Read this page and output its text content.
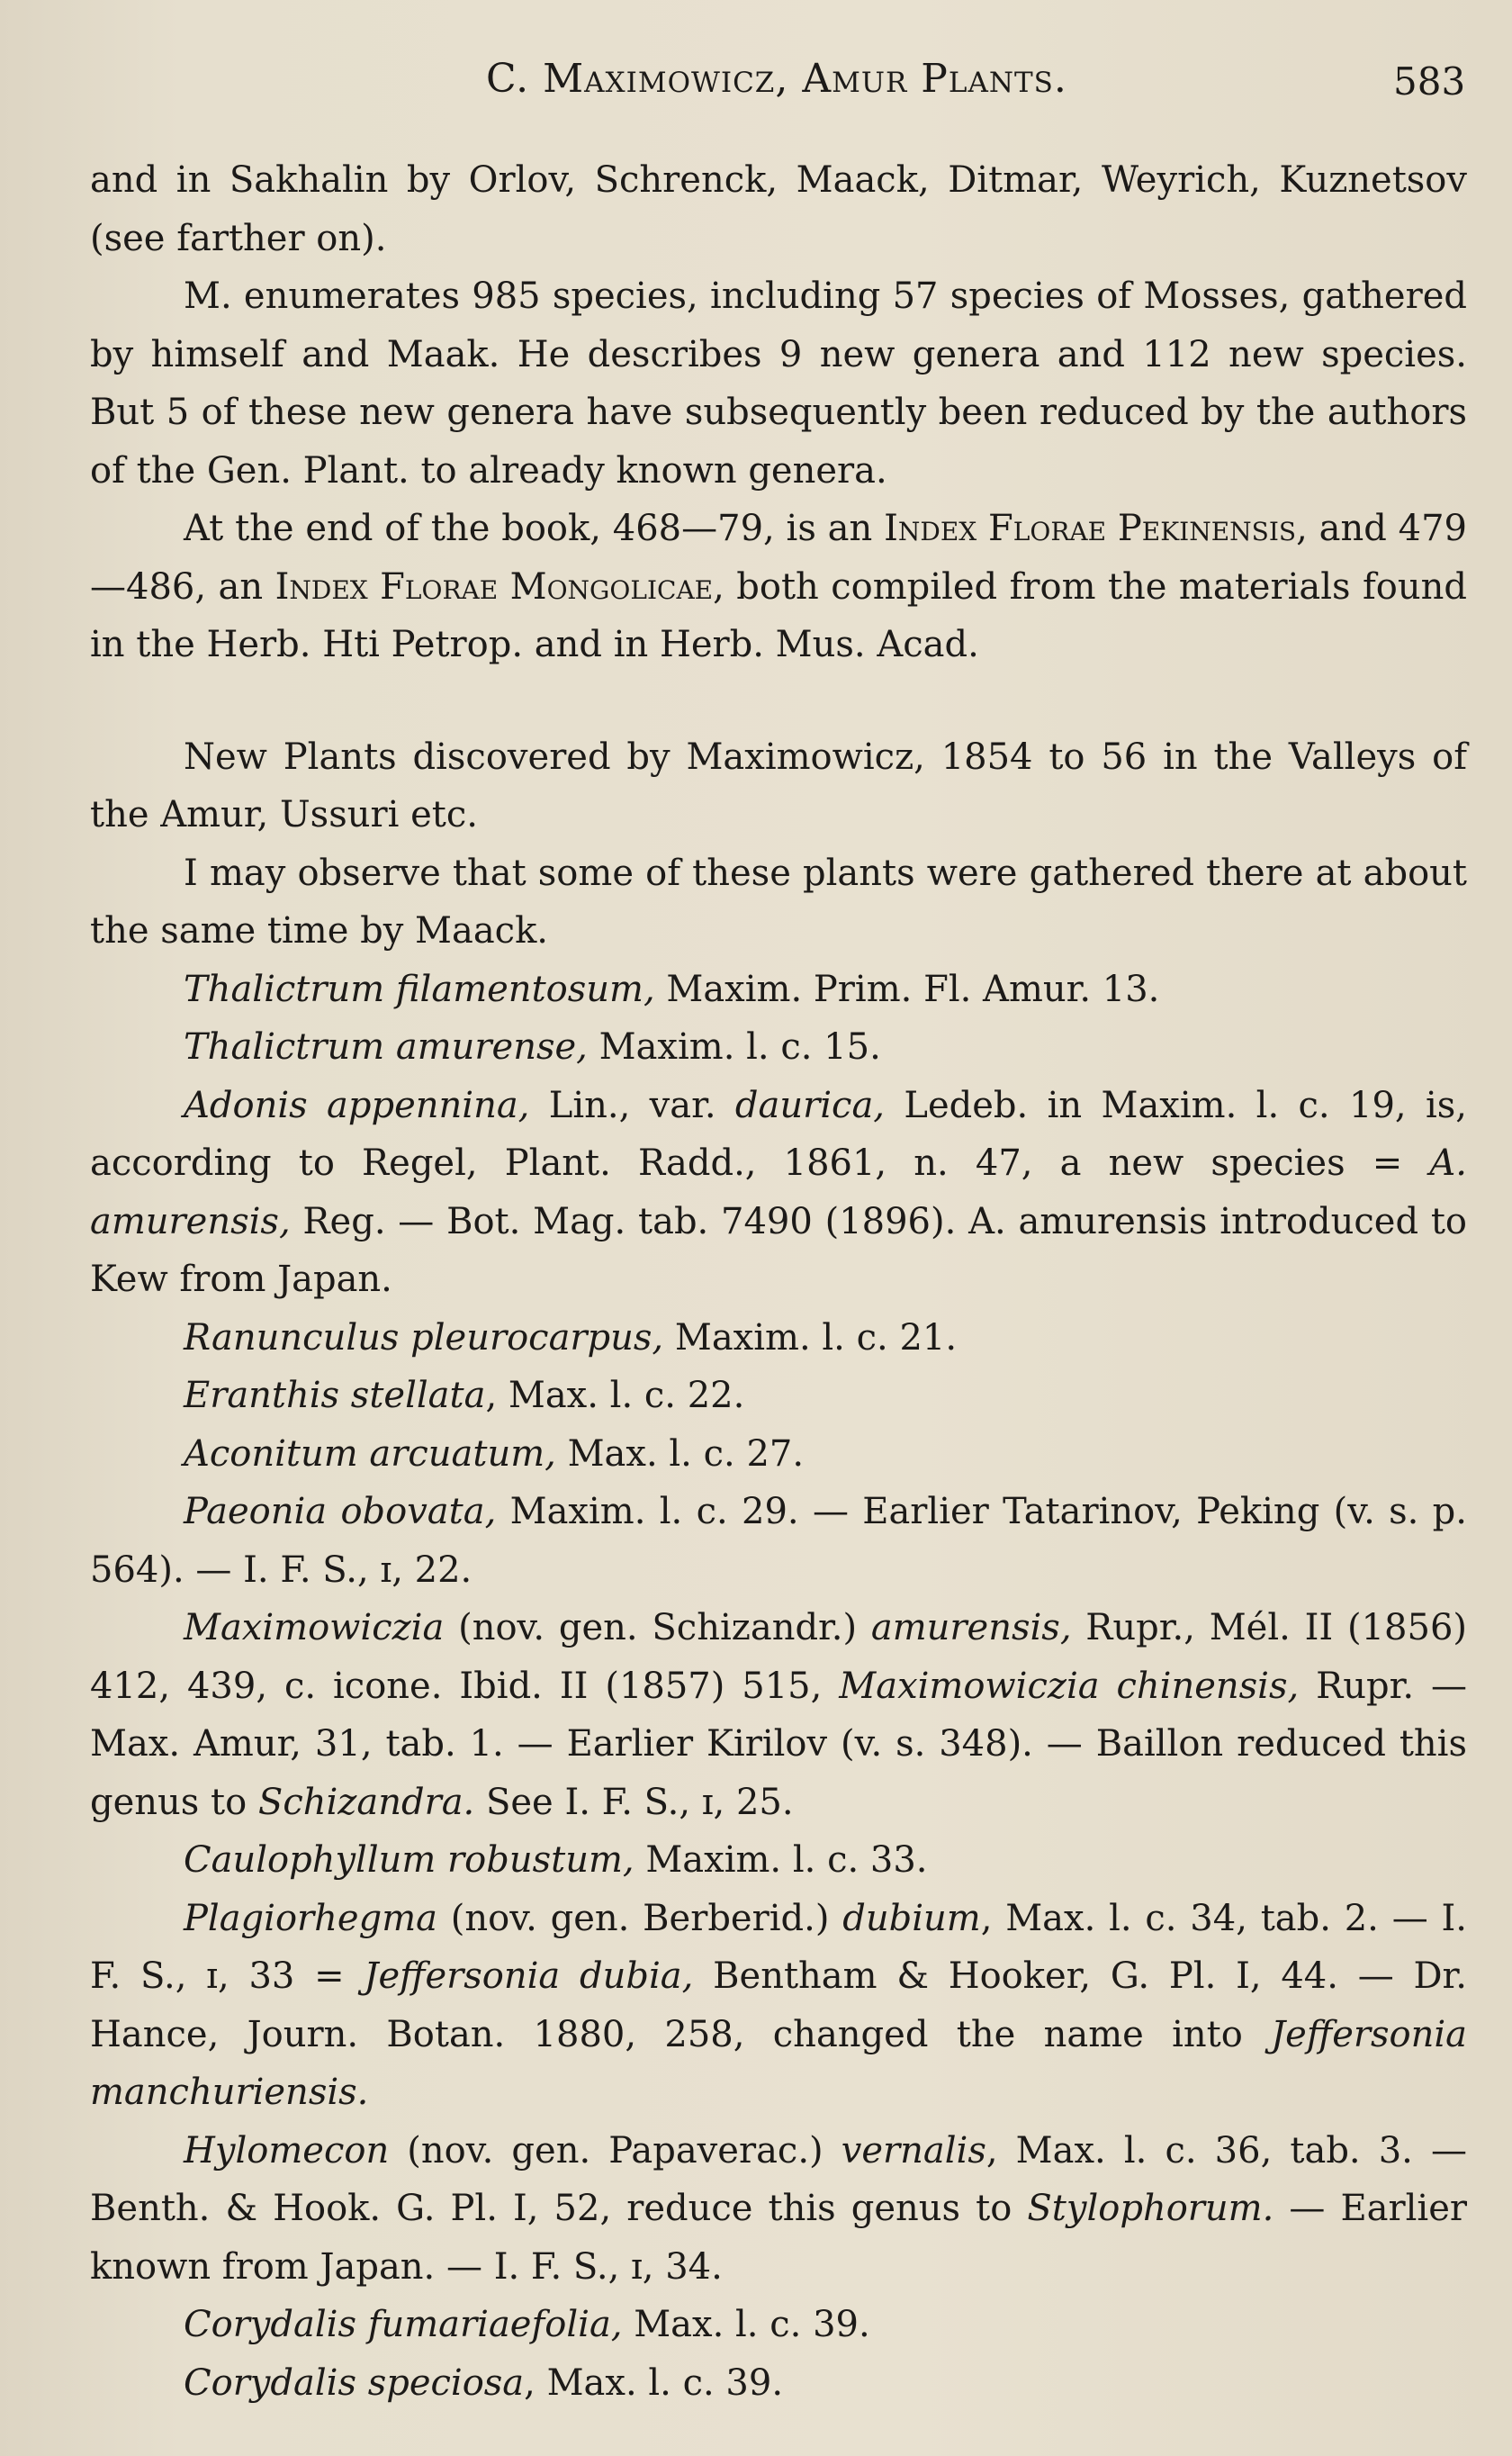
C. Maximowicz, Amur Plants.	583

and in Sakhalin by Orlov, Schrenck, Maack, Ditmar, Weyrich, Kuznetsov (see farther on).

M. enumerates 985 species, including 57 species of Mosses, gathered by himself and Maak. He describes 9 new genera and 112 new species. But 5 of these new genera have subsequently been reduced by the authors of the Gen. Plant. to already known genera.

At the end of the book, 468—79, is an Index Florae Pekinensis, and 479—486, an Index Florae Mongolicae, both compiled from the materials found in the Herb. Hti Petrop. and in Herb. Mus. Acad.

New Plants discovered by Maximowicz, 1854 to 56 in the Valleys of the Amur, Ussuri etc.

I may observe that some of these plants were gathered there at about the same time by Maack.

Thalictrum filamentosum, Maxim. Prim. Fl. Amur. 13.

Thalictrum amurense, Maxim. l. c. 15.

Adonis appennina, Lin., var. daurica, Ledeb. in Maxim. l. c. 19, is, according to Regel, Plant. Radd., 1861, n. 47, a new species = A. amurensis, Reg. — Bot. Mag. tab. 7490 (1896). A. amurensis introduced to Kew from Japan.

Ranunculus pleurocarpus, Maxim. l. c. 21.

Eranthis stellata, Max. l. c. 22.

Aconitum arcuatum, Max. l. c. 27.

Paeonia obovata, Maxim. l. c. 29. — Earlier Tatarinov, Peking (v. s. p. 564). — I. F. S., ɪ, 22.

Maximowiczia (nov. gen. Schizandr.) amurensis, Rupr., Mél. II (1856) 412, 439, c. icone. Ibid. II (1857) 515, Maximowiczia chinensis, Rupr. — Max. Amur, 31, tab. 1. — Earlier Kirilov (v. s. 348). — Baillon reduced this genus to Schizandra. See I. F. S., ɪ, 25.

Caulophyllum robustum, Maxim. l. c. 33.

Plagiorhegma (nov. gen. Berberid.) dubium, Max. l. c. 34, tab. 2. — I. F. S., ɪ, 33 = Jeffersonia dubia, Bentham & Hooker, G. Pl. I, 44. — Dr. Hance, Journ. Botan. 1880, 258, changed the name into Jeffersonia manchuriensis.

Hylomecon (nov. gen. Papaverac.) vernalis, Max. l. c. 36, tab. 3. — Benth. & Hook. G. Pl. I, 52, reduce this genus to Stylophorum. — Earlier known from Japan. — I. F. S., ɪ, 34.

Corydalis fumariaefolia, Max. l. c. 39.

Corydalis speciosa, Max. l. c. 39.
